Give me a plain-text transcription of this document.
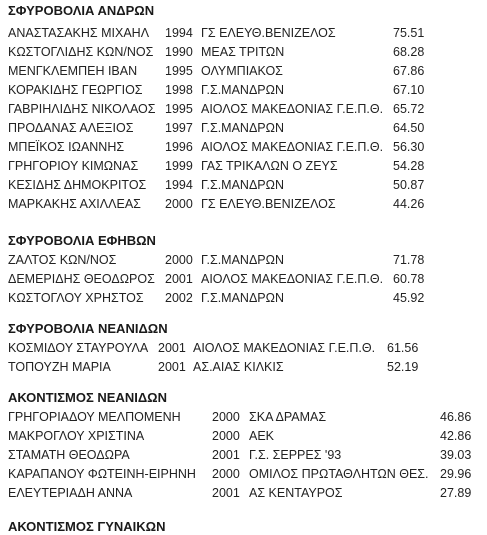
ΣΦΥΡΟΒΟΛΙΑ ΑΝΔΡΩΝ
ΑΝΑΣΤΑΣΑΚΗΣ ΜΙΧΑΗΛ 1994 ΓΣ ΕΛΕΥΘ.ΒΕΝΙΖΕΛΟΣ	75.51
ΚΩΣΤΟΓΛΙΔΗΣ ΚΩΝ/ΝΟΣ 1990 ΜΕΑΣ ΤΡΙΤΩΝ	68.28
ΜΕΝΓΚΛΕΜΠΕΗ ΙΒΑΝ 1995 ΟΛΥΜΠΙΑΚΟΣ	67.86
ΚΟΡΑΚΙΔΗΣ ΓΕΩΡΓΙΟΣ 1998 Γ.Σ.ΜΑΝΔΡΩΝ	67.10
ΓΑΒΡΙΗΛΙΔΗΣ ΝΙΚΟΛΑΟΣ 1995 ΑΙΟΛΟΣ ΜΑΚΕΔΟΝΙΑΣ Γ.Ε.Π.Θ. 65.72
ΠΡΟΔΑΝΑΣ ΑΛΕΞΙΟΣ	1997 Γ.Σ.ΜΑΝΔΡΩΝ	64.50
ΜΠΕΪΚΟΣ ΙΩΑΝΝΗΣ	1996 ΑΙΟΛΟΣ ΜΑΚΕΔΟΝΙΑΣ Γ.Ε.Π.Θ. 56.30
ΓΡΗΓΟΡΙΟΥ ΚΙΜΩΝΑΣ 1999 ΓΑΣ ΤΡΙΚΑΛΩΝ Ο ΖΕΥΣ	54.28
ΚΕΣΙΔΗΣ ΔΗΜΟΚΡΙΤΟΣ 1994 Γ.Σ.ΜΑΝΔΡΩΝ	50.87
ΜΑΡΚΑΚΗΣ ΑΧΙΛΛΕΑΣ 2000 ΓΣ ΕΛΕΥΘ.ΒΕΝΙΖΕΛΟΣ	44.26
ΣΦΥΡΟΒΟΛΙΑ ΕΦΗΒΩΝ
ΖΑΛΤΟΣ ΚΩΝ/ΝΟΣ	2000 Γ.Σ.ΜΑΝΔΡΩΝ	71.78
ΔΕΜΕΡΙΔΗΣ ΘΕΟΔΩΡΟΣ 2001 ΑΙΟΛΟΣ ΜΑΚΕΔΟΝΙΑΣ Γ.Ε.Π.Θ. 60.78
ΚΩΣΤΟΓΛΟΥ ΧΡΗΣΤΟΣ 2002 Γ.Σ.ΜΑΝΔΡΩΝ	45.92
ΣΦΥΡΟΒΟΛΙΑ ΝΕΑΝΙΔΩΝ
ΚΟΣΜΙΔΟΥ ΣΤΑΥΡΟΥΛΑ 2001 ΑΙΟΛΟΣ ΜΑΚΕΔΟΝΙΑΣ Γ.Ε.Π.Θ. 61.56
ΤΟΠΟΥΖΗ ΜΑΡΙΑ	2001 ΑΣ.ΑΙΑΣ ΚΙΛΚΙΣ	52.19
ΑΚΟΝΤΙΣΜΟΣ ΝΕΑΝΙΔΩΝ
ΓΡΗΓΟΡΙΑΔΟΥ ΜΕΛΠΟΜΕΝΗ	2000 ΣΚΑ ΔΡΑΜΑΣ	46.86
ΜΑΚΡΟΓΛΟΥ ΧΡΙΣΤΙΝΑ	2000 ΑΕΚ	42.86
ΣΤΑΜΑΤΗ ΘΕΟΔΩΡΑ	2001 Γ.Σ. ΣΕΡΡΕΣ '93	39.03
ΚΑΡΑΠΑΝΟΥ ΦΩΤΕΙΝΗ-ΕΙΡΗΝΗ 2000 ΟΜΙΛΟΣ ΠΡΩΤΑΘΛΗΤΩΝ ΘΕΣ. 29.96
ΕΛΕΥΤΕΡΙΑΔΗ ΑΝΝΑ	2001 ΑΣ ΚΕΝΤΑΥΡΟΣ	27.89
ΑΚΟΝΤΙΣΜΟΣ ΓΥΝΑΙΚΩΝ
